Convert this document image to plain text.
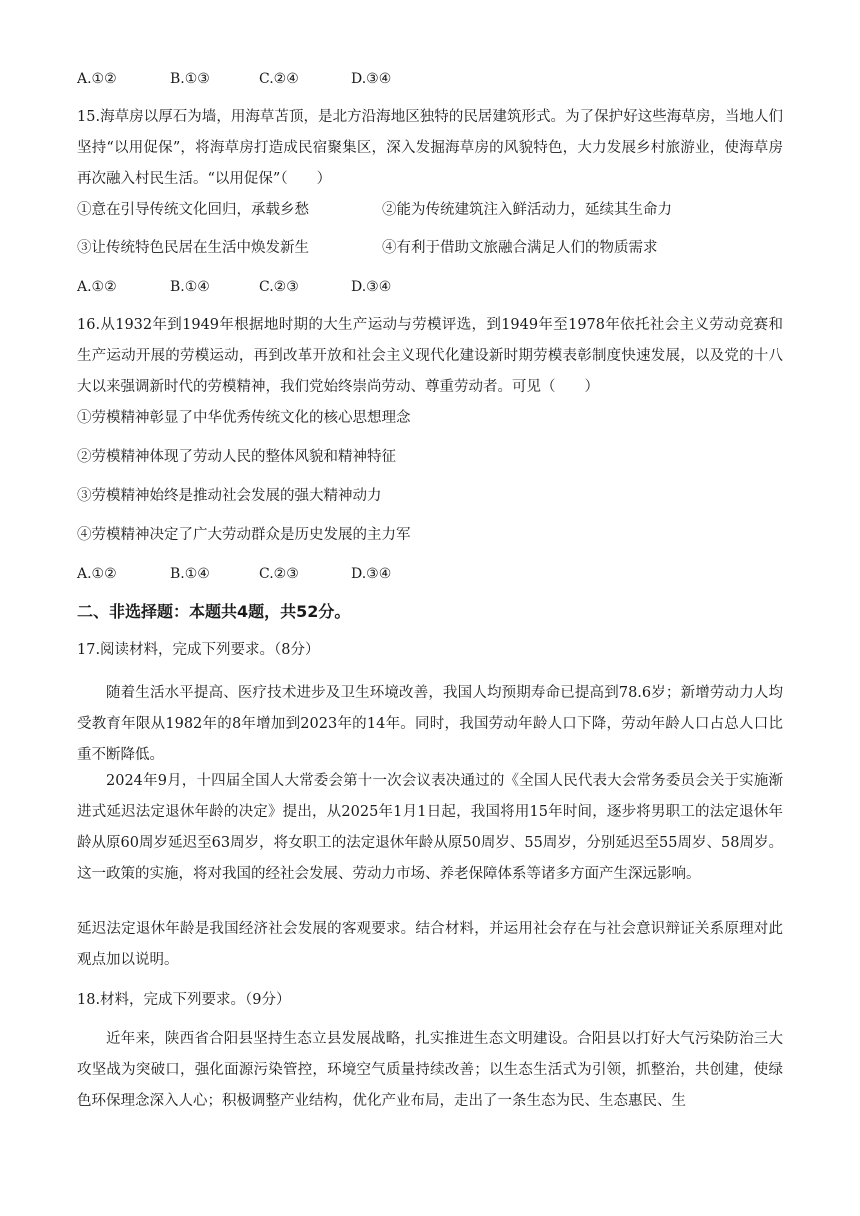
A.①②	B.①③	C.②④	D.③④
15.海草房以厚石为墙，用海草苫顶，是北方沿海地区独特的民居建筑形式。为了保护好这些海草房，当地人们坚持“以用促保”，将海草房打造成民宿聚集区，深入发掘海草房的风貌特色，大力发展乡村旅游业，使海草房再次融入村民生活。“以用促保”（　　）
①意在引导传统文化回归，承载乡愁	②能为传统建筑注入鲜活动力，延续其生命力
③让传统特色民居在生活中焕发新生	④有利于借助文旅融合满足人们的物质需求
A.①②	B.①④	C.②③	D.③④
16.从1932年到1949年根据地时期的大生产运动与劳模评选，到1949年至1978年依托社会主义劳动竞赛和生产运动开展的劳模运动，再到改革开放和社会主义现代化建设新时期劳模表彰制度快速发展，以及党的十八大以来强调新时代的劳模精神，我们党始终崇尚劳动、尊重劳动者。可见（　　）
①劳模精神彰显了中华优秀传统文化的核心思想理念
②劳模精神体现了劳动人民的整体风貌和精神特征
③劳模精神始终是推动社会发展的强大精神动力
④劳模精神决定了广大劳动群众是历史发展的主力军
A.①②	B.①④	C.②③	D.③④
二、非选择题：本题共4题，共52分。
17.阅读材料，完成下列要求。（8分）
随着生活水平提高、医疗技术进步及卫生环境改善，我国人均预期寿命已提高到78.6岁；新增劳动力人均受教育年限从1982年的8年增加到2023年的14年。同时，我国劳动年龄人口下降，劳动年龄人口占总人口比重不断降低。
2024年9月，十四届全国人大常委会第十一次会议表决通过的《全国人民代表大会常务委员会关于实施渐进式延迟法定退休年龄的决定》提出，从2025年1月1日起，我国将用15年时间，逐步将男职工的法定退休年龄从原60周岁延迟至63周岁，将女职工的法定退休年龄从原50周岁、55周岁，分别延迟至55周岁、58周岁。这一政策的实施，将对我国的经社会发展、劳动力市场、养老保障体系等诸多方面产生深远影响。
延迟法定退休年龄是我国经济社会发展的客观要求。结合材料，并运用社会存在与社会意识辩证关系原理对此观点加以说明。
18.材料，完成下列要求。（9分）
近年来，陕西省合阳县坚持生态立县发展战略，扎实推进生态文明建设。合阳县以打好大气污染防治三大攻坚战为突破口，强化面源污染管控，环境空气质量持续改善；以生态生活式为引领，抓整治，共创建，使绿色环保理念深入人心；积极调整产业结构，优化产业布局，走出了一条生态为民、生态惠民、生
